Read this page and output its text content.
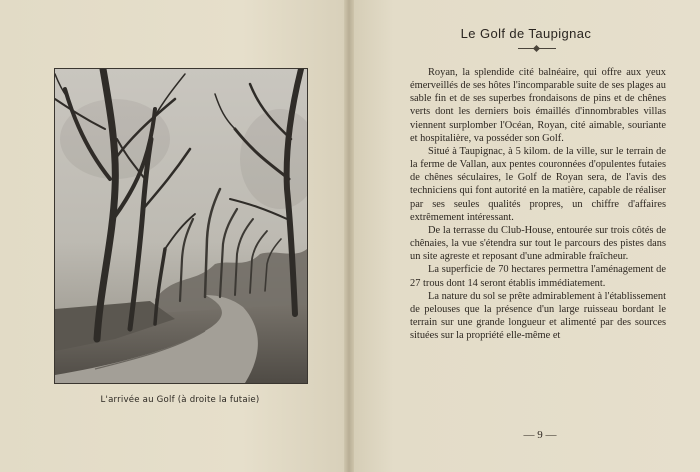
L'arrivée au Golf (à droite la futaie)
Le Golf de Taupignac

Royan, la splendide cité balnéaire, qui offre aux yeux émerveillés de ses hôtes l'incomparable suite de ses plages au sable fin et de ses superbes frondaisons de pins et de chênes verts dont les derniers bois émaillés d'innombrables villas viennent surplomber l'Océan, Royan, cité aimable, souriante et hospitalière, va posséder son Golf.

Situé à Taupignac, à 5 kilom. de la ville, sur le terrain de la ferme de Vallan, aux pentes couronnées d'opulentes futaies de chênes séculaires, le Golf de Royan sera, de l'avis des techniciens qui font autorité en la matière, capable de réaliser par ses seules qualités propres, un chiffre d'affaires extrêmement intéressant.

De la terrasse du Club-House, entourée sur trois côtés de chênaies, la vue s'étendra sur tout le parcours des pistes dans un site agreste et reposant d'une admirable fraîcheur.

La superficie de 70 hectares permettra l'aménagement de 27 trous dont 14 seront établis immédiatement.

La nature du sol se prête admirablement à l'établissement de pelouses que la présence d'un large ruisseau bordant le terrain sur une grande longueur et alimenté par des sources situées sur la propriété elle-même et

— 9 —
